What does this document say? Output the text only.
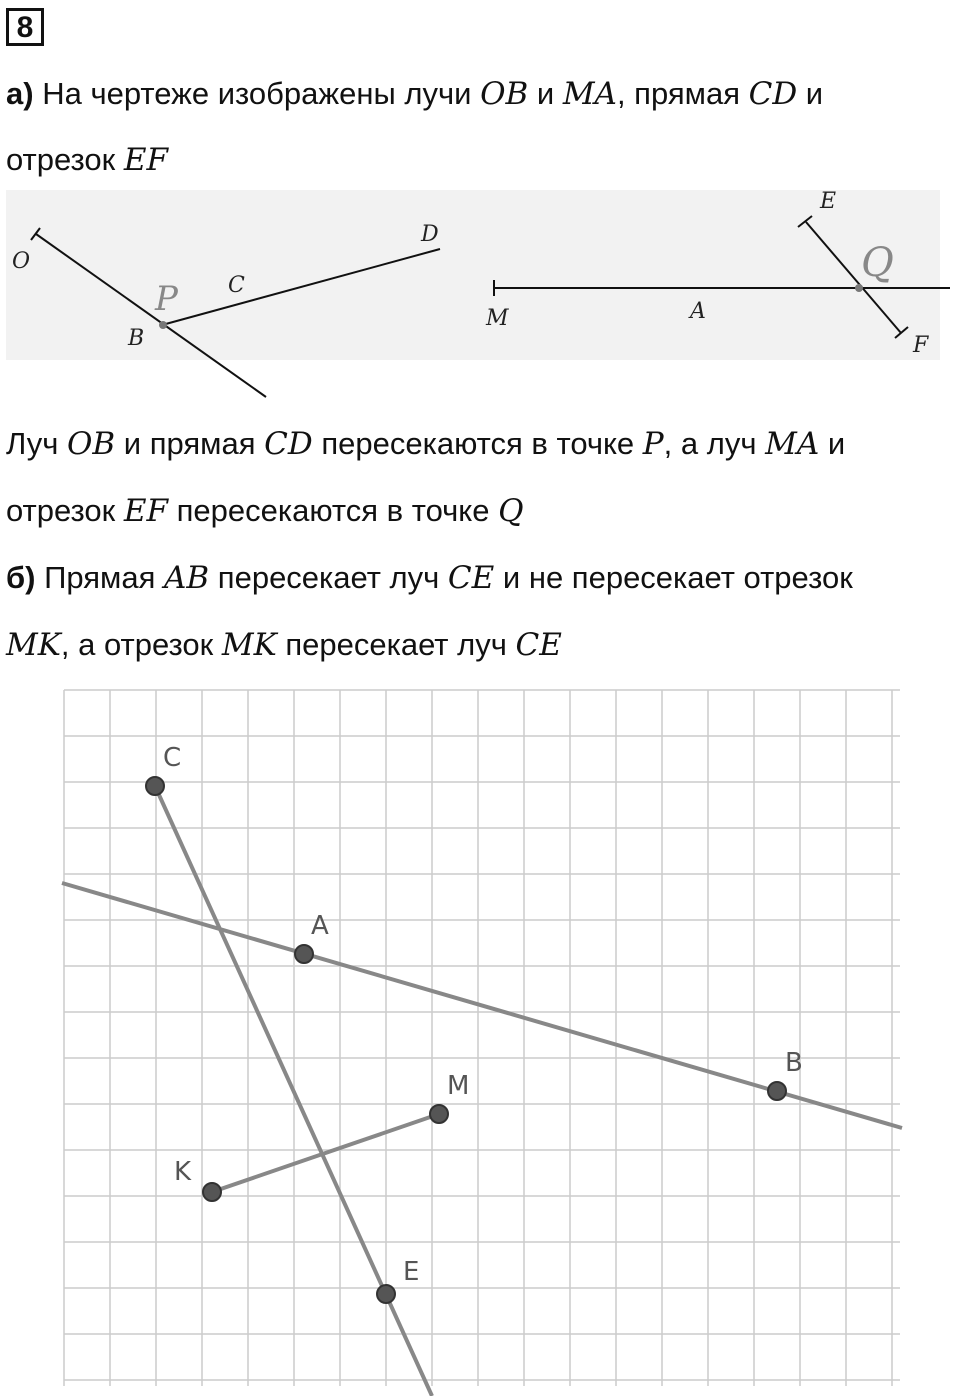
8
а) На чертеже изображены лучи OB и MA, прямая CD и
отрезок EF
O
B
P C
D
M	A
E
Q
F
Луч OB и прямая CD пересекаются в точке P, а луч MA и
отрезок EF пересекаются в точке Q
б) Прямая AB пересекает луч CE и не пересекает отрезок
MK, а отрезок MK пересекает луч CE
C
A
B
M
K
E
